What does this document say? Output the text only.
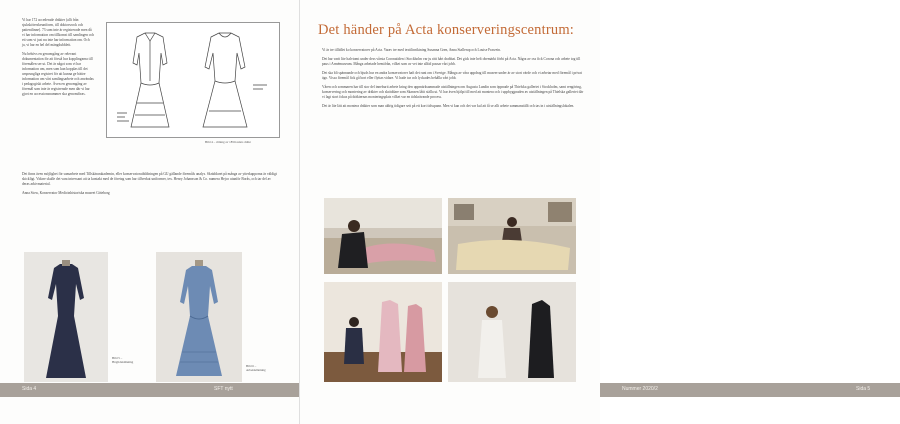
Vi har 172 accederade dräkter (allt från sjuksköterskeuniform, till doktorsrock och patientlinne). 73 som inte är registrerade men då vi har information om tillkomst till samlingen och ett som vi just nu inte har information om. Och ja, vi har en hel del mängdubblett.

Nu behövs en genomgång av relevant dokumentation för att förstå hur kopplingarna till föremålen ser ut. Det är något som vi har information om, men som kan kopplas till det ursprungliga registret för att kunna ge bättre information om vårt samlingsarbete och användas i pedagogiskt arbete. Även en genomgång av föremål som inte är registrerade men där vi har gjort en accessionsnummer ska genomföras.

Bild 4 – ritning av 1850-talets dräkt

Det finns även möjlighet för samarbete med Tillskärarakademin, eller konservatorutbildningen på GU gällande föremåls analys. Skräddaret på många av ytterkapporna är väldigt skickligt. Vidare skulle det vara intressant att ta kontakt med de företag som har tillverkat uniformer, tex. Henry Johansson & Co. numera Hejco utanför Borås, och tar del av deras arkivmaterial.

Anna Stow, Konservator Medicinhistoriska museet Göteborg

Bild 5 – Högtidsklänning
Bild 6 – Arbetsklänning
Sida 4	SFT nytt
Det händer på Acta konserveringscentrum:

Vi är tre tillidlet ko konservatorer på Acta. Varav tre med textilinriktning Susanna Gren, Anna Stallerup och Louise Frawein.

Det har varit lite halvtomt under dess vårsta Coronatiden i Stockholm var ju rätt hårt drabbat. Det gick inte helt obemärkt förbi på Acta. Några av oss fick Corona och arbete tog till paus i Armémuseum. Många arbetade hemifrån, vilket som av vet inte alltid passar vårt jobb.

Det ska bli spännande och bjuds hur en andra konservatorer haft det runt om i Sverige. Många av våra uppdrag till museer under är av stort värde och vi arbetar med föremål i privat ägo. Vissa föremål fick gå bort eller flyttas vidare. Vi hade tur och lyckades behålla vårt jobb.

Våren och sommaren har till stor del inneburit arbete kring den uppmärksammade utställningen om Augusta Lundin som öppnade på Thielska galleriet i Stockholm, samt rengöring, konservering och montering av dräkter och skräddare som Skansen låtit ställa ut. Vi har även hjälpt till med att montera och i uppbyggnaden av utställningen på Thielska galleriet där vi lagt stort fokus på dräkternas monteringsplats vilket var en tidskrävande process.

Det är lite lätt att montera dräkter som man aldrig tidigare sett på ett kort tidsspann. Men vi kan och det var kul att få se allt arbete sammanställt och tas in i utställningslokalen.

Nummer 2020/2	Sida 5
